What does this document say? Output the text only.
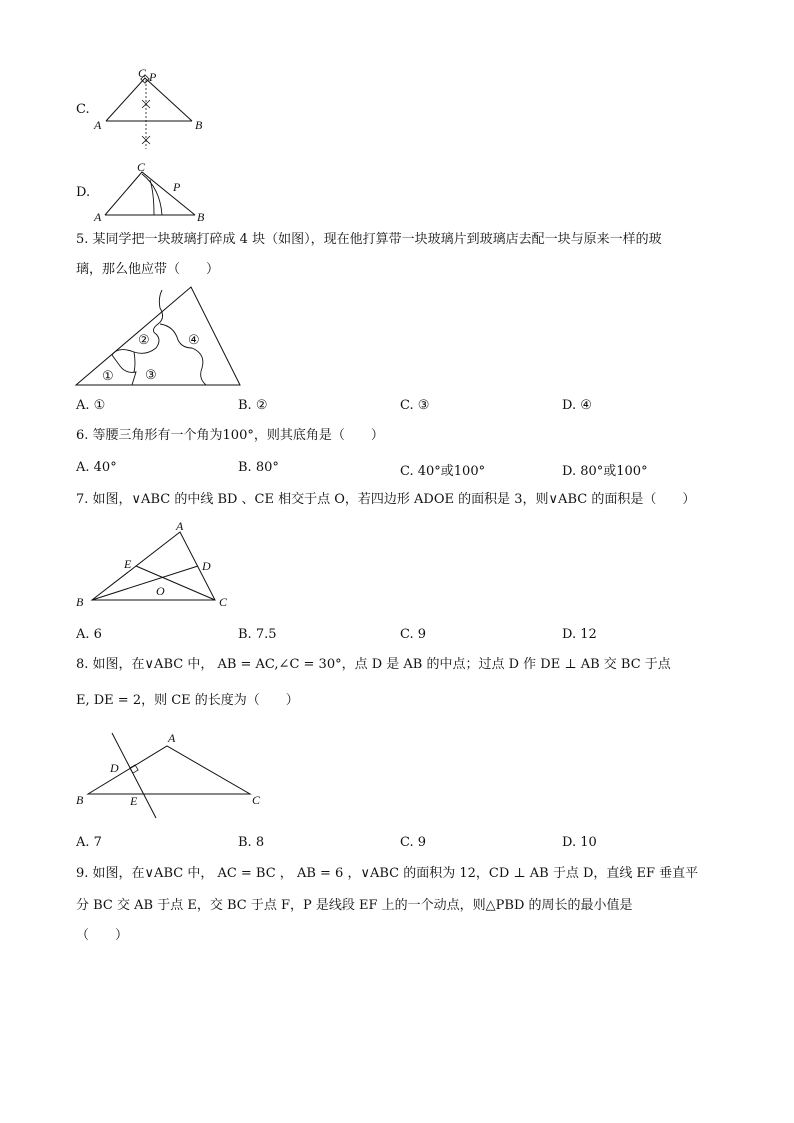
C.
C P
A	B
D.
C
P
A	B
5. 某同学把一块玻璃打碎成 4 块（如图），现在他打算带一块玻璃片到玻璃店去配一块与原来一样的玻
璃，那么他应带（　　）
①
②
③
④
A. ①	B. ②	C. ③	D. ④
6. 等腰三角形有一个角为100°，则其底角是（　　）
A. 40°	B. 80°	C. 40°或100°	D. 80°或100°
7. 如图，∨ABC 的中线 BD 、CE 相交于点 O，若四边形 ADOE 的面积是 3，则∨ABC 的面积是（　　）
A
E	D
O
B	C
A. 6	B. 7.5	C. 9	D. 12
8. 如图，在∨ABC 中， AB = AC,∠C = 30°，点 D 是 AB 的中点；过点 D 作 DE ⊥ AB 交 BC 于点
E, DE = 2，则 CE 的长度为（　　）
A
D
B	E	C
A. 7	B. 8	C. 9	D. 10
9. 如图，在∨ABC 中， AC = BC ， AB = 6 ，∨ABC 的面积为 12，CD ⊥ AB 于点 D，直线 EF 垂直平
分 BC 交 AB 于点 E，交 BC 于点 F，P 是线段 EF 上的一个动点，则△PBD 的周长的最小值是
（　　）
